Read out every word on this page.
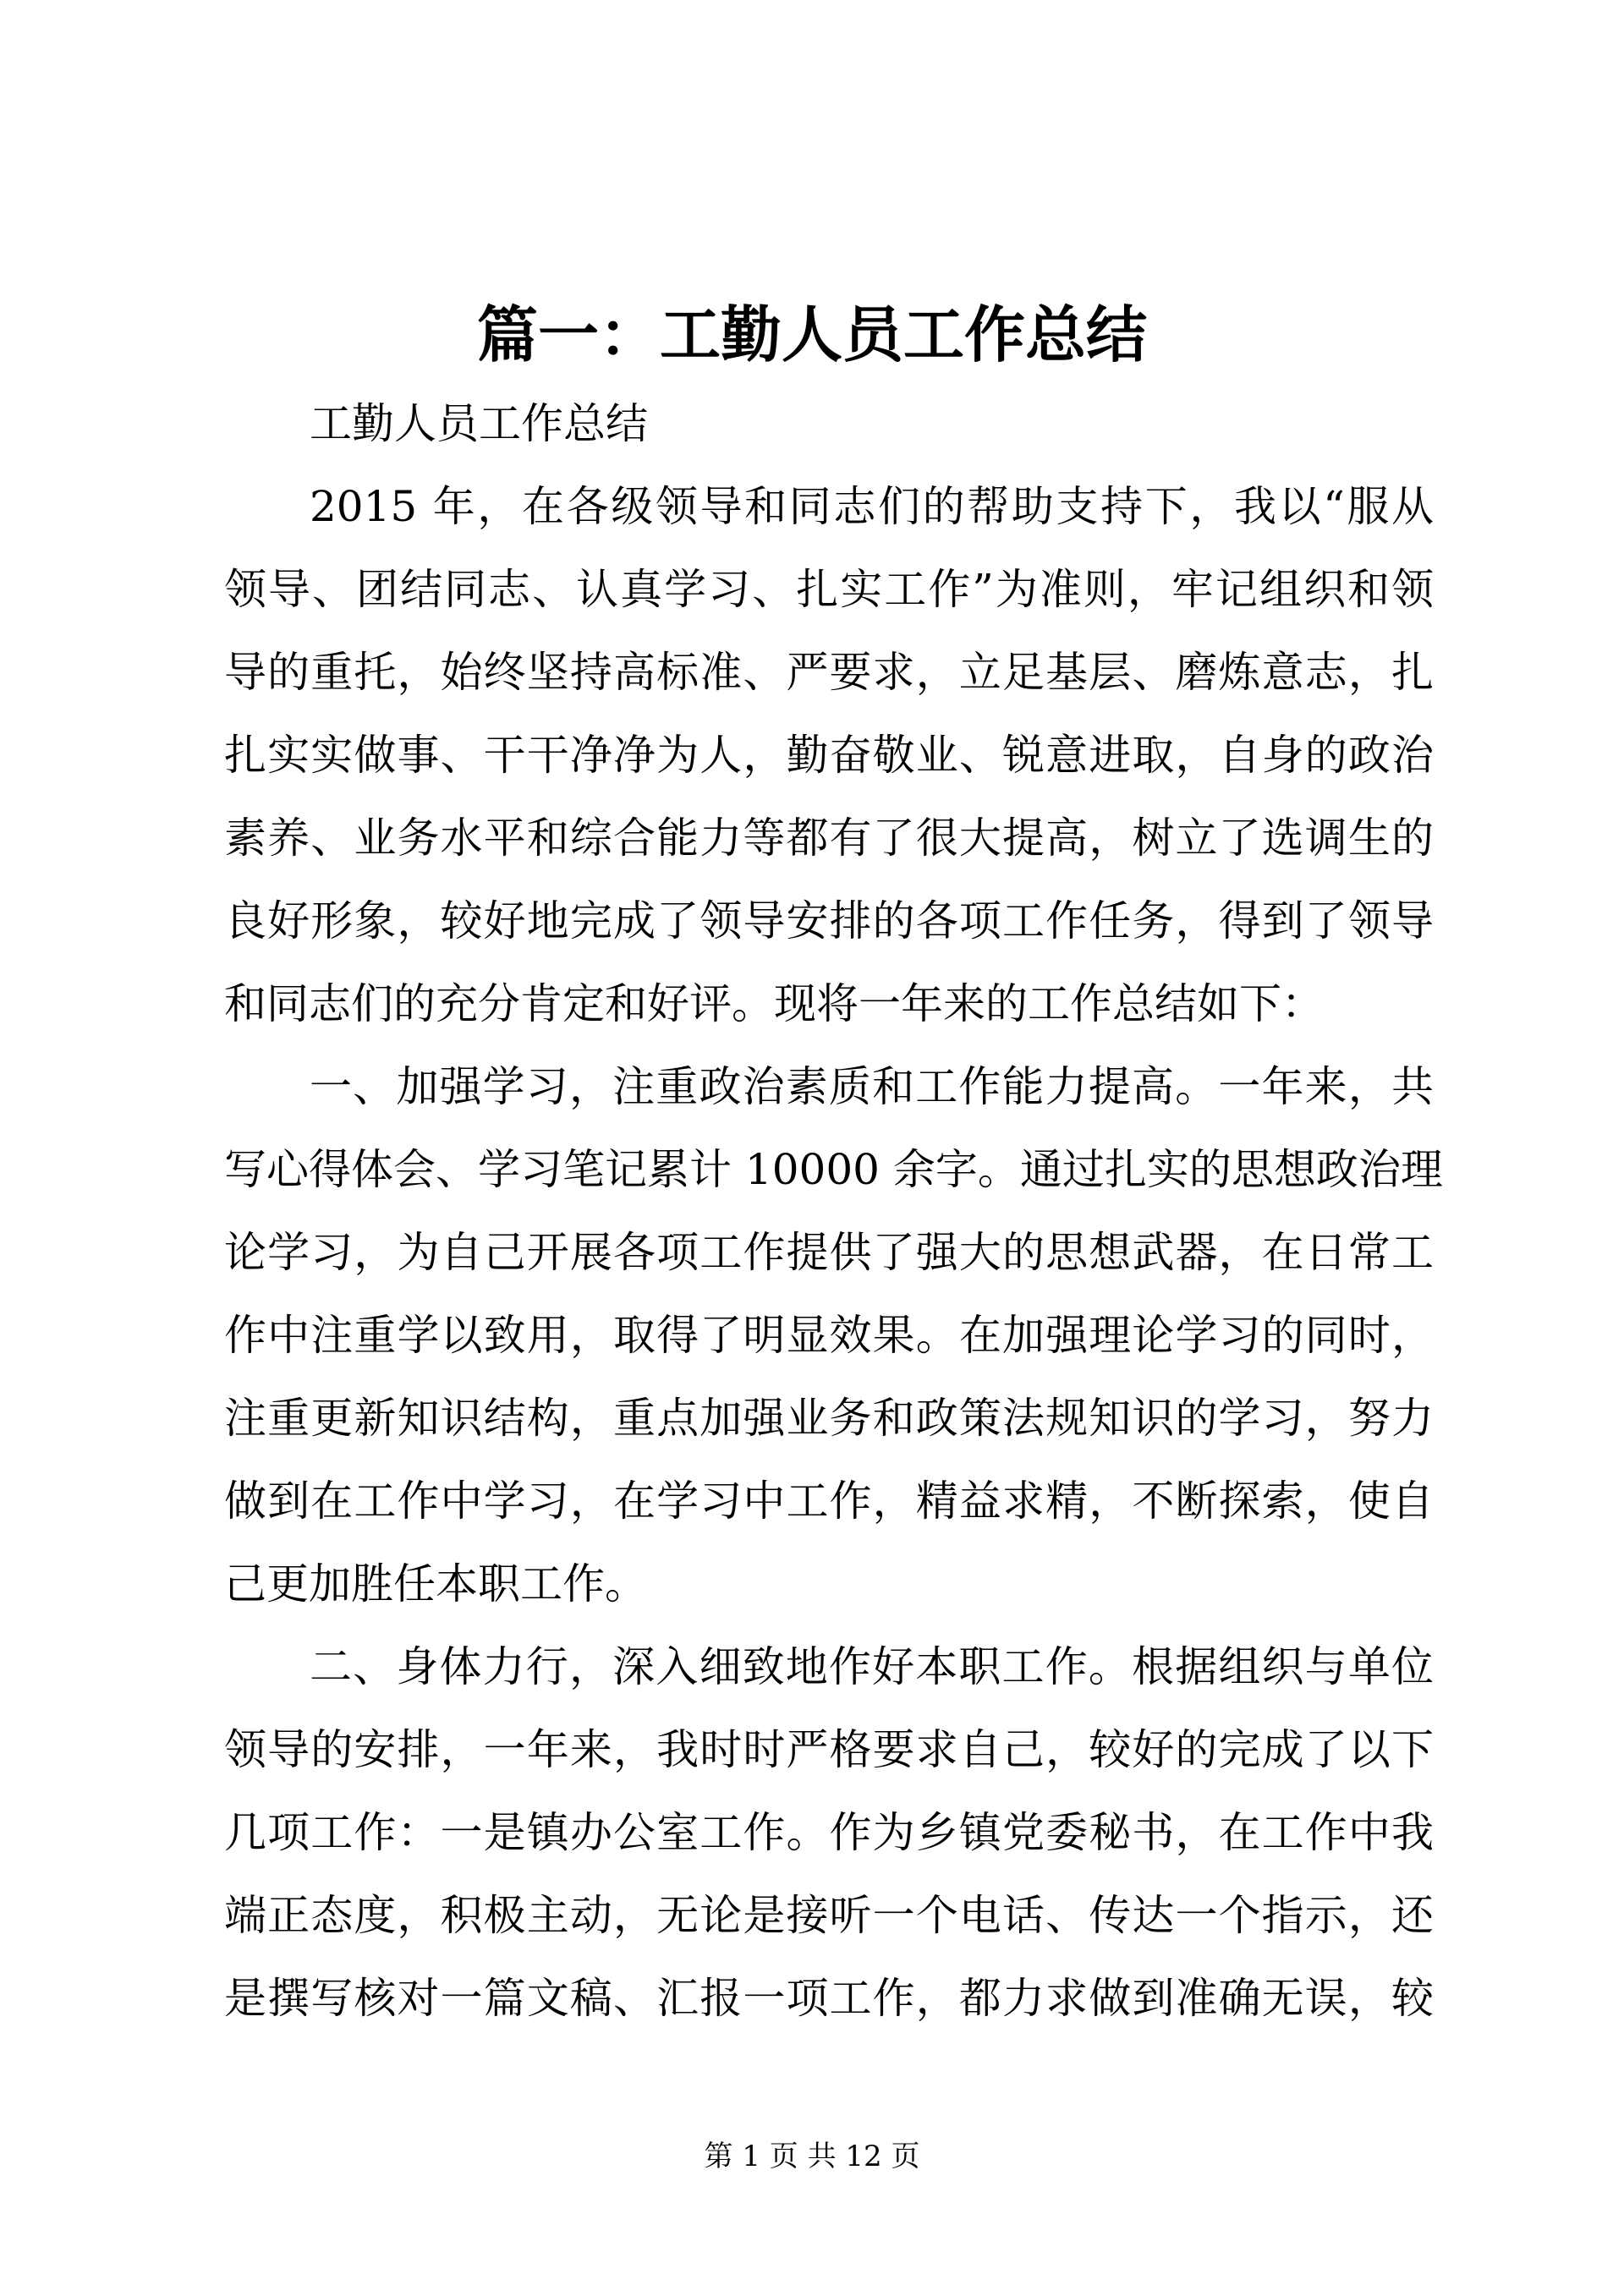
篇一：工勤人员工作总结
工勤人员工作总结
2015 年，在各级领导和同志们的帮助支持下，我以“服从
领导、团结同志、认真学习、扎实工作”为准则，牢记组织和领
导的重托，始终坚持高标准、严要求，立足基层、磨炼意志，扎
扎实实做事、干干净净为人，勤奋敬业、锐意进取，自身的政治
素养、业务水平和综合能力等都有了很大提高，树立了选调生的
良好形象，较好地完成了领导安排的各项工作任务，得到了领导
和同志们的充分肯定和好评。现将一年来的工作总结如下：
一、加强学习，注重政治素质和工作能力提高。一年来，共
写心得体会、学习笔记累计 10000 余字。通过扎实的思想政治理
论学习，为自己开展各项工作提供了强大的思想武器，在日常工
作中注重学以致用，取得了明显效果。在加强理论学习的同时，
注重更新知识结构，重点加强业务和政策法规知识的学习，努力
做到在工作中学习，在学习中工作，精益求精，不断探索，使自
己更加胜任本职工作。
二、身体力行，深入细致地作好本职工作。根据组织与单位
领导的安排，一年来，我时时严格要求自己，较好的完成了以下
几项工作：一是镇办公室工作。作为乡镇党委秘书，在工作中我
端正态度，积极主动，无论是接听一个电话、传达一个指示，还
是撰写核对一篇文稿、汇报一项工作，都力求做到准确无误，较
第 1 页 共 12 页
